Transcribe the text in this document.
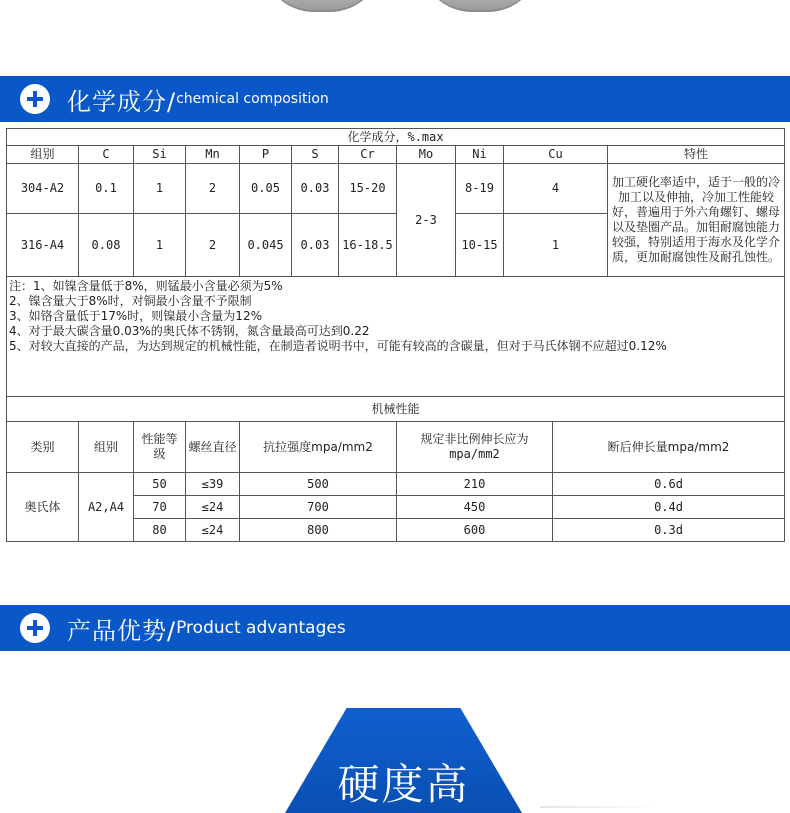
化学成分/ chemical composition
化学成分，%.max											
组别	C	Si	Mn	P	S	Cr	Mo	Ni	Cu		特性
304-A2	0.1	1	2	0.05	0.03	15-20	2-3	8-19	4		加工硬化率适中，适于一般的冷加工以及伸抽，冷加工性能较好，普遍用于外六角螺钉、螺母以及垫圈产品。加钼耐腐蚀能力较强，特别适用于海水及化学介质，更加耐腐蚀性及耐孔蚀性。
316-A4	0.08	1	2	0.045	0.03	16-18.5		10-15	1		

注：1、如镍含量低于8%，则锰最小含量必须为5%
2、镍含量大于8%时，对铜最小含量不予限制
3、如铬含量低于17%时，则镍最小含量为12%
4、对于最大碳含量0.03%的奥氏体不锈钢，氮含量最高可达到0.22
5、对较大直接的产品，为达到规定的机械性能，在制造者说明书中，可能有较高的含碳量，但对于马氏体钢不应超过0.12%											

机械性能											
类别	组别	性能等级	螺丝直径	抗拉强度mpa/mm2			规定非比例伸长应为mpa/mm2			断后伸长量mpa/mm2	
奥氏体	A2,A4	50	≤39	500			210			0.6d	
		70	≤24	700			450			0.4d	
		80	≤24	800			600			0.3d	
产品优势/ Product advantages
硬度高
